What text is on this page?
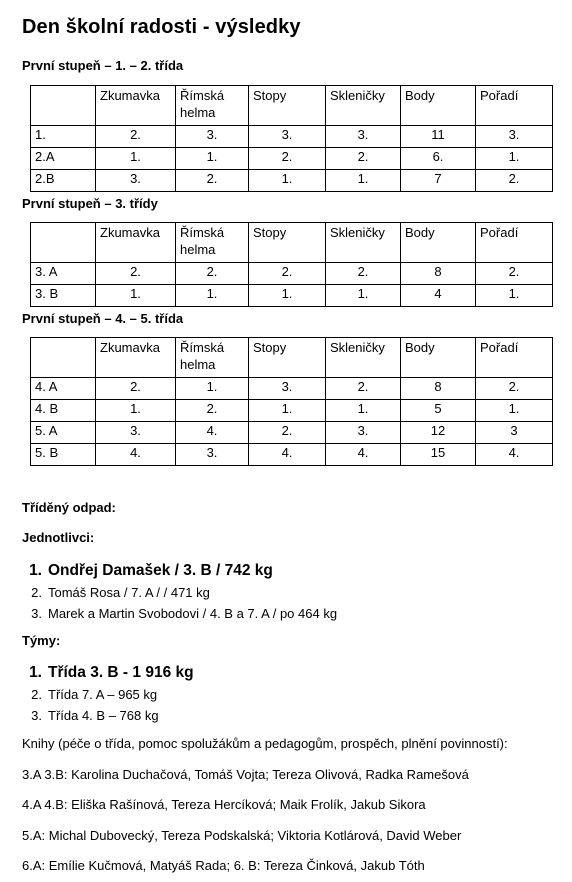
Den školní radosti - výsledky
První stupeň – 1. – 2. třída
	Zkumavka	Římská helma	Stopy	Skleničky	Body	Pořadí
1.	2.	3.	3.	3.	11	3.
2.A	1.	1.	2.	2.	6.	1.
2.B	3.	2.	1.	1.	7	2.
První stupeň – 3. třídy
	Zkumavka	Římská helma	Stopy	Skleničky	Body	Pořadí
3. A	2.	2.	2.	2.	8	2.
3. B	1.	1.	1.	1.	4	1.
První stupeň – 4. – 5. třída
	Zkumavka	Římská helma	Stopy	Skleničky	Body	Pořadí
4. A	2.	1.	3.	2.	8	2.
4. B	1.	2.	1.	1.	5	1.
5. A	3.	4.	2.	3.	12	3
5. B	4.	3.	4.	4.	15	4.
Tříděný odpad:
Jednotlivci:
1. Ondřej Damašek / 3. B / 742 kg
2. Tomáš Rosa / 7. A / / 471 kg
3. Marek a Martin Svobodovi / 4. B a 7. A / po 464 kg
Týmy:
1. Třída 3. B - 1 916 kg
2. Třída 7. A – 965 kg
3. Třída 4. B – 768 kg
Knihy (péče o třída, pomoc spolužákům a pedagogům, prospěch, plnění povinností):
3.A 3.B: Karolina Duchačová, Tomáš Vojta; Tereza Olivová, Radka Ramešová
4.A 4.B: Eliška Rašínová, Tereza Hercíková; Maik Frolík, Jakub Sikora
5.A: Michal Dubovecký, Tereza Podskalská; Viktoria Kotlárová, David Weber
6.A: Emílie Kučmová, Matyáš Rada; 6. B: Tereza Činková, Jakub Tóth
